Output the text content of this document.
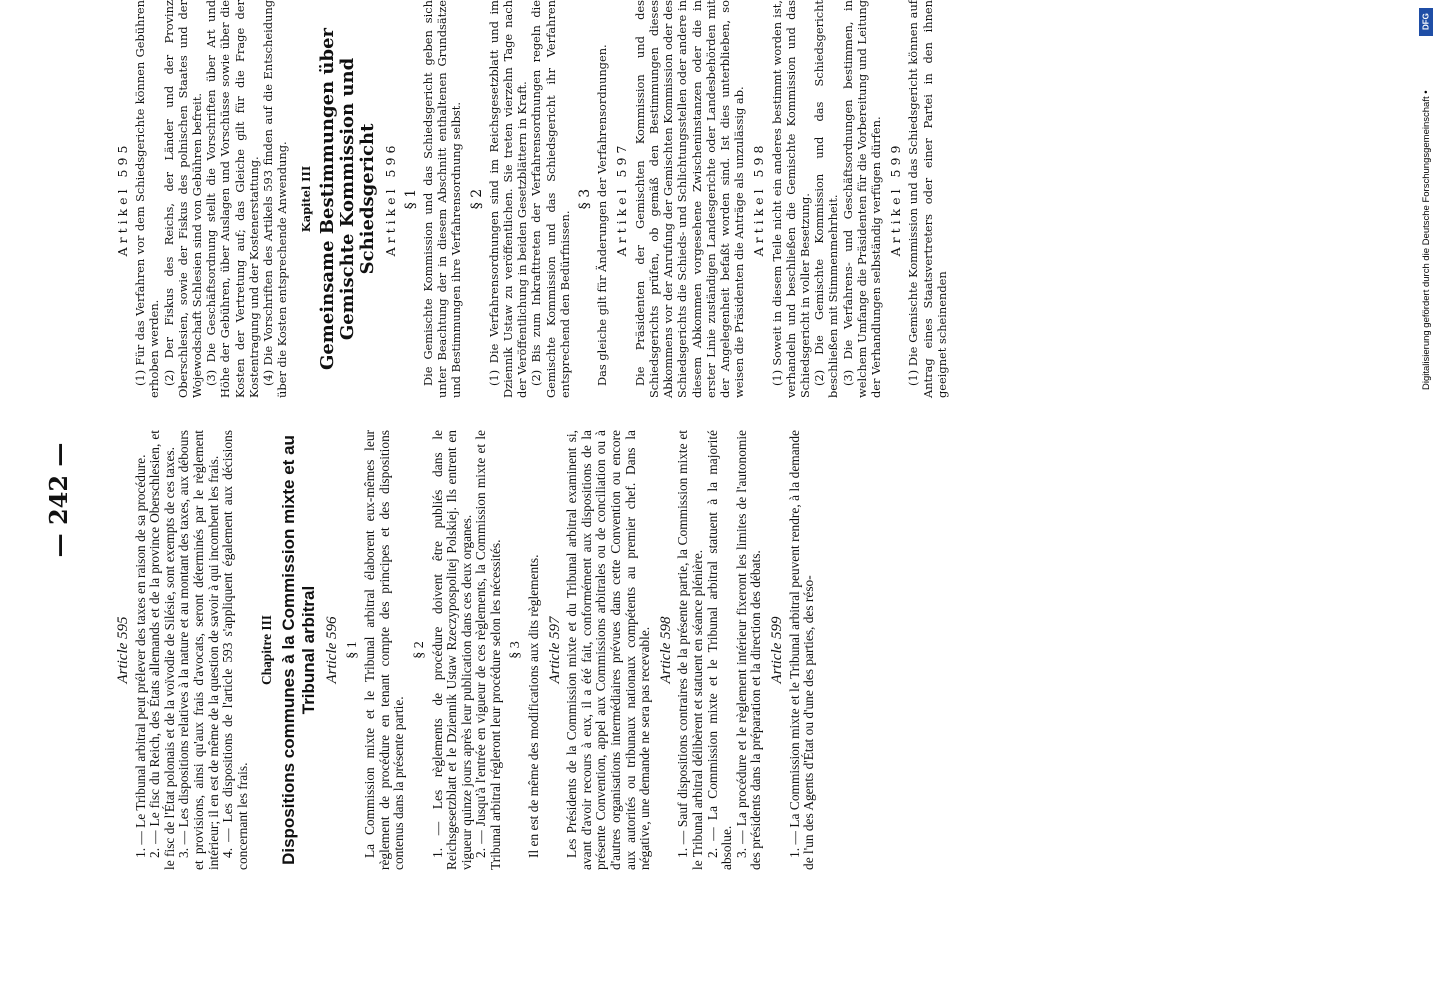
— 242 —
Article 595 1. — Le Tribunal arbitral peut prélever des taxes en raison de sa procédure. 2. — Le fisc du Reich, des États allemands et de la province Oberschlesien, et le fisc de l'État polonais et de la voïvodie de Silésie, sont exempts de ces taxes. 3. — Les dispositions relatives à la nature et au montant des taxes, aux débours et provisions, ainsi qu'aux frais d'avocats, seront déterminés par le règlement intérieur; il en est de même de la question de savoir à qui incombent les frais. 4. — Les dispositions de l'article 593 s'appliquent également aux décisions concernant les frais.

Chapitre III Dispositions communes à la Commission mixte et au Tribunal arbitral Article 596 § 1 La Commission mixte et le Tribunal arbitral élaborent eux-mêmes leur règlement de procédure en tenant compte des principes et des dispositions contenus dans la présente partie.

§ 2 1. — Les règlements de procédure doivent être publiés dans le Reichsgesetzblatt et le Dziennik Ustaw Rzeczypospolitej Polskiej. Ils entrent en vigueur quinze jours après leur publication dans ces deux organes. 2. — Jusqu'à l'entrée en vigueur de ces règlements, la Commission mixte et le Tribunal arbitral régleront leur procédure selon les nécessités. § 3 Il en est de même des modifications aux dits règlements. Article 597 Les Présidents de la Commission mixte et du Tribunal arbitral examinent si, avant d'avoir recours à eux, il a été fait, conformément aux dispositions de la présente Convention, appel aux Commissions arbitrales ou de conciliation ou à d'autres organisations intermédiaires prévues dans cette Convention ou encore aux autorités ou tribunaux nationaux compétents au premier chef. Dans la négative, une demande ne sera pas recevable. Article 598 1. — Sauf dispositions contraires de la présente partie, la Commission mixte et le Tribunal arbitral délibèrent et statuent en séance plénière. 2. — La Commission mixte et le Tribunal arbitral statuent à la majorité absolue. 3. — La procédure et le règlement intérieur fixeront les limites de l'autonomie des présidents dans la préparation et la direction des débats. Article 599 1. — La Commission mixte et le Tribunal arbitral peuvent rendre, à la demande de l'un des Agents d'État ou d'une des parties, des réso-

Artikel 595 (1) Für das Verfahren vor dem Schiedsgerichte können Gebühren erhoben werden. (2) Der Fiskus des Reichs, der Länder und der Provinz Oberschlesien, sowie der Fiskus des polnischen Staates und der Wojewodschaft Schlesien sind von Gebühren befreit. (3) Die Geschäftsordnung stellt die Vorschriften über Art und Höhe der Gebühren, über Auslagen und Vorschüsse sowie über die Kosten der Vertretung auf; das Gleiche gilt für die Frage der Kostentragung und der Kostenerstattung. (4) Die Vorschriften des Artikels 593 finden auf die Entscheidung über die Kosten entsprechende Anwendung. Kapitel III Gemeinsame Bestimmungen über Gemischte Kommission und Schiedsgericht Artikel 596 § 1 Die Gemischte Kommission und das Schiedsgericht geben sich unter Beachtung der in diesem Abschnitt enthaltenen Grundsätze und Bestimmungen ihre Verfahrensordnung selbst. § 2 (1) Die Verfahrensordnungen sind im Reichsgesetzblatt und im Dziennik Ustaw zu veröffentlichen. Sie treten vierzehn Tage nach der Veröffentlichung in beiden Gesetzblättern in Kraft. (2) Bis zum Inkrafttreten der Verfahrensordnungen regeln die Gemischte Kommission und das Schiedsgericht ihr Verfahren entsprechend den Bedürfnissen.

§ 3 Das gleiche gilt für Änderungen der Verfahrensordnungen. Artikel 597 Die Präsidenten der Gemischten Kommission und des Schiedsgerichts prüfen, ob gemäß den Bestimmungen dieses Abkommens vor der Anrufung der Gemischten Kommission oder des Schiedsgerichts die Schieds- und Schlichtungsstellen oder andere in diesem Abkommen vorgesehene Zwischeninstanzen oder die in erster Linie zuständigen Landesgerichte oder Landesbehörden mit der Angelegenheit befaßt worden sind. Ist dies unterblieben, so weisen die Präsidenten die Anträge als unzulässig ab. Artikel 598 (1) Soweit in diesem Teile nicht ein anderes bestimmt worden ist, verhandeln und beschließen die Gemischte Kommission und das Schiedsgericht in voller Besetzung. (2) Die Gemischte Kommission und das Schiedsgericht beschließen mit Stimmenmehrheit. (3) Die Verfahrens- und Geschäftsordnungen bestimmen, in welchem Umfange die Präsidenten für die Vorbereitung und Leitung der Verhandlungen selbständig verfügen dürfen. Artikel 599 (1) Die Gemischte Kommission und das Schiedsgericht können auf Antrag eines Staatsvertreters oder einer Partei in den ihnen geeignet scheinenden	Digitalisierung gefördert durch die Deutsche Forschungsgemeinschaft •
DFG
